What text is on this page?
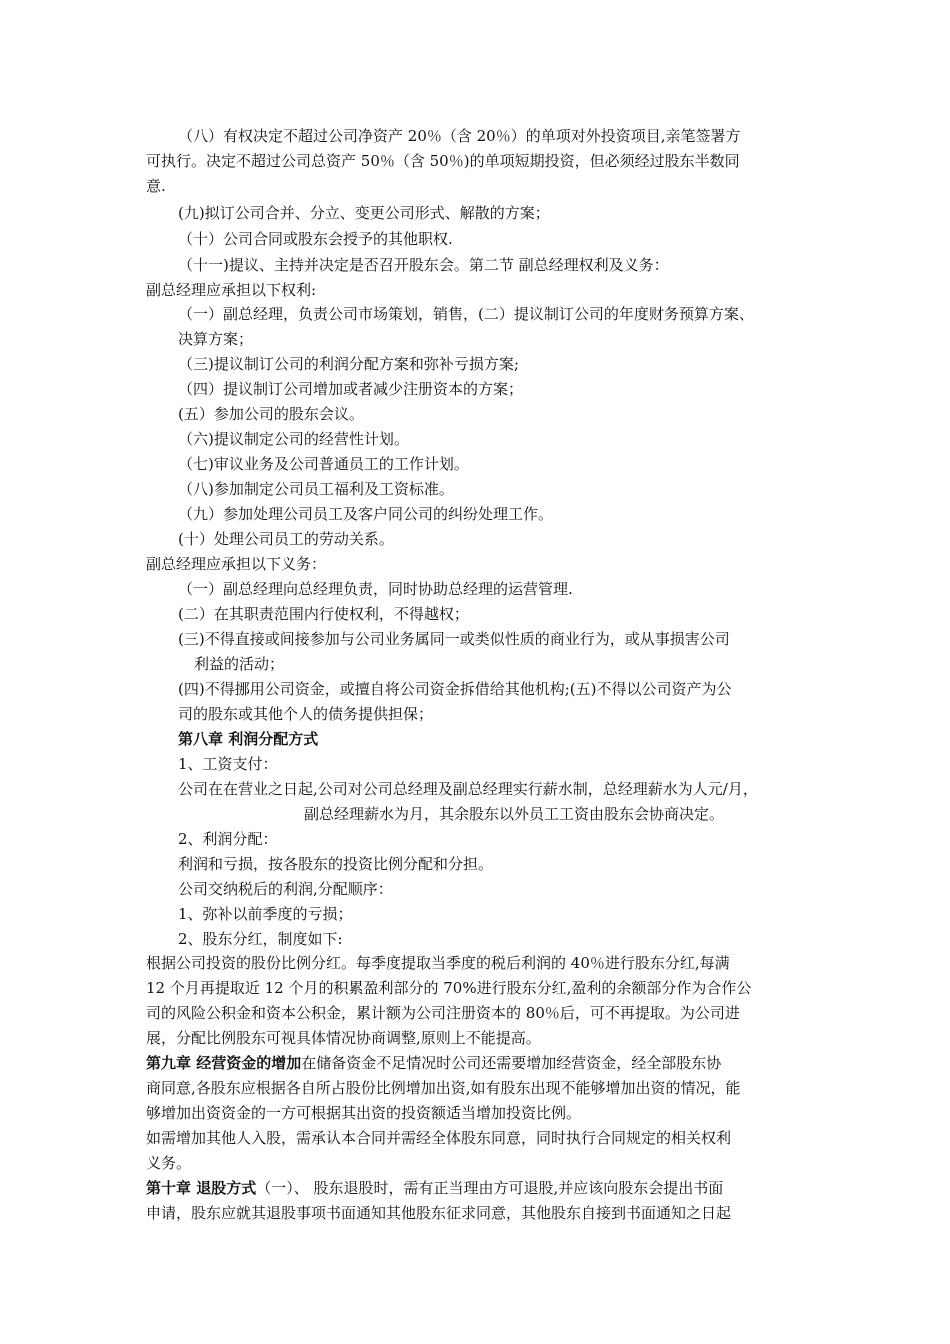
（八）有权决定不超过公司净资产 20％（含 20％）的单项对外投资项目,亲笔签署方
可执行。决定不超过公司总资产 50％（含 50％)的单项短期投资，但必须经过股东半数同
意.
(九)拟订公司合并、分立、变更公司形式、解散的方案；
（十）公司合同或股东会授予的其他职权.
（十一)提议、主持并决定是否召开股东会。第二节 副总经理权利及义务：
副总经理应承担以下权利:
（一）副总经理，负责公司市场策划，销售，(二）提议制订公司的年度财务预算方案、
决算方案；
（三)提议制订公司的利润分配方案和弥补亏损方案;
（四）提议制订公司增加或者减少注册资本的方案；
(五）参加公司的股东会议。
（六)提议制定公司的经营性计划。
（七)审议业务及公司普通员工的工作计划。
（八)参加制定公司员工福利及工资标准。
（九）参加处理公司员工及客户同公司的纠纷处理工作。
(十）处理公司员工的劳动关系。
副总经理应承担以下义务：
（一）副总经理向总经理负责，同时协助总经理的运营管理.
(二）在其职责范围内行使权利，不得越权；
(三)不得直接或间接参加与公司业务属同一或类似性质的商业行为，或从事损害公司
利益的活动；
(四)不得挪用公司资金，或擅自将公司资金拆借给其他机构;(五)不得以公司资产为公
司的股东或其他个人的债务提供担保；
第八章 利润分配方式
1、工资支付：
公司在在营业之日起,公司对公司总经理及副总经理实行薪水制，总经理薪水为人元/月，
副总经理薪水为月，其余股东以外员工工资由股东会协商决定。
2、利润分配：
利润和亏损，按各股东的投资比例分配和分担。
公司交纳税后的利润,分配顺序：
1、弥补以前季度的亏损；
2、股东分红，制度如下:
根据公司投资的股份比例分红。每季度提取当季度的税后利润的 40％进行股东分红,每满
12 个月再提取近 12 个月的积累盈利部分的 70%进行股东分红,盈利的余额部分作为合作公
司的风险公积金和资本公积金，累计额为公司注册资本的 80％后，可不再提取。为公司进
展，分配比例股东可视具体情况协商调整,原则上不能提高。
第九章 经营资金的增加在储备资金不足情况时公司还需要增加经营资金，经全部股东协
商同意,各股东应根据各自所占股份比例增加出资,如有股东出现不能够增加出资的情况，能
够增加出资资金的一方可根据其出资的投资额适当增加投资比例。
如需增加其他人入股，需承认本合同并需经全体股东同意，同时执行合同规定的相关权利
义务。
第十章 退股方式（一）、 股东退股时，需有正当理由方可退股,并应该向股东会提出书面
申请，股东应就其退股事项书面通知其他股东征求同意，其他股东自接到书面通知之日起
